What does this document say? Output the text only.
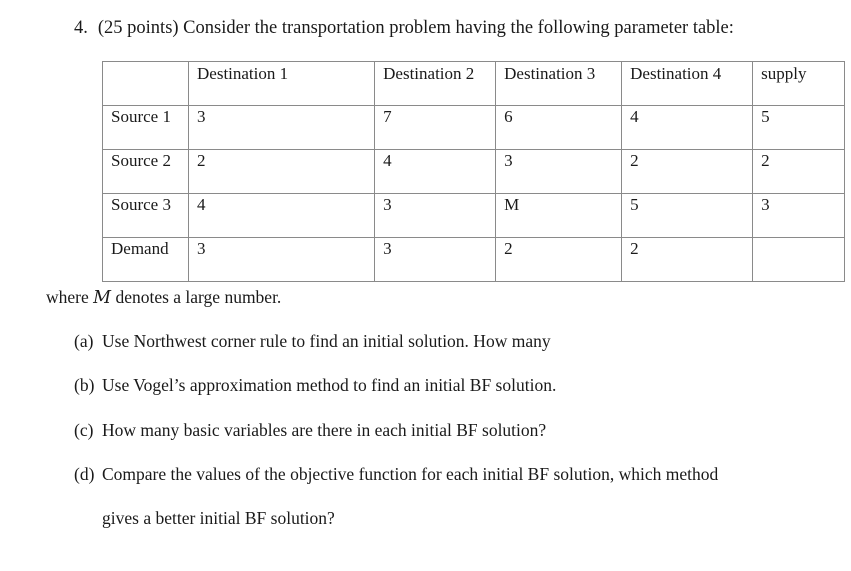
4. (25 points) Consider the transportation problem having the following parameter table:
	Destination 1	Destination 2	Destination 3	Destination 4	supply
Source 1	3	7	6	4	5
Source 2	2	4	3	2	2
Source 3	4	3	M	5	3
Demand	3	3	2	2	
where M denotes a large number.
(a) Use Northwest corner rule to find an initial solution. How many
(b) Use Vogel’s approximation method to find an initial BF solution.
(c) How many basic variables are there in each initial BF solution?
(d) Compare the values of the objective function for each initial BF solution, which method
gives a better initial BF solution?
